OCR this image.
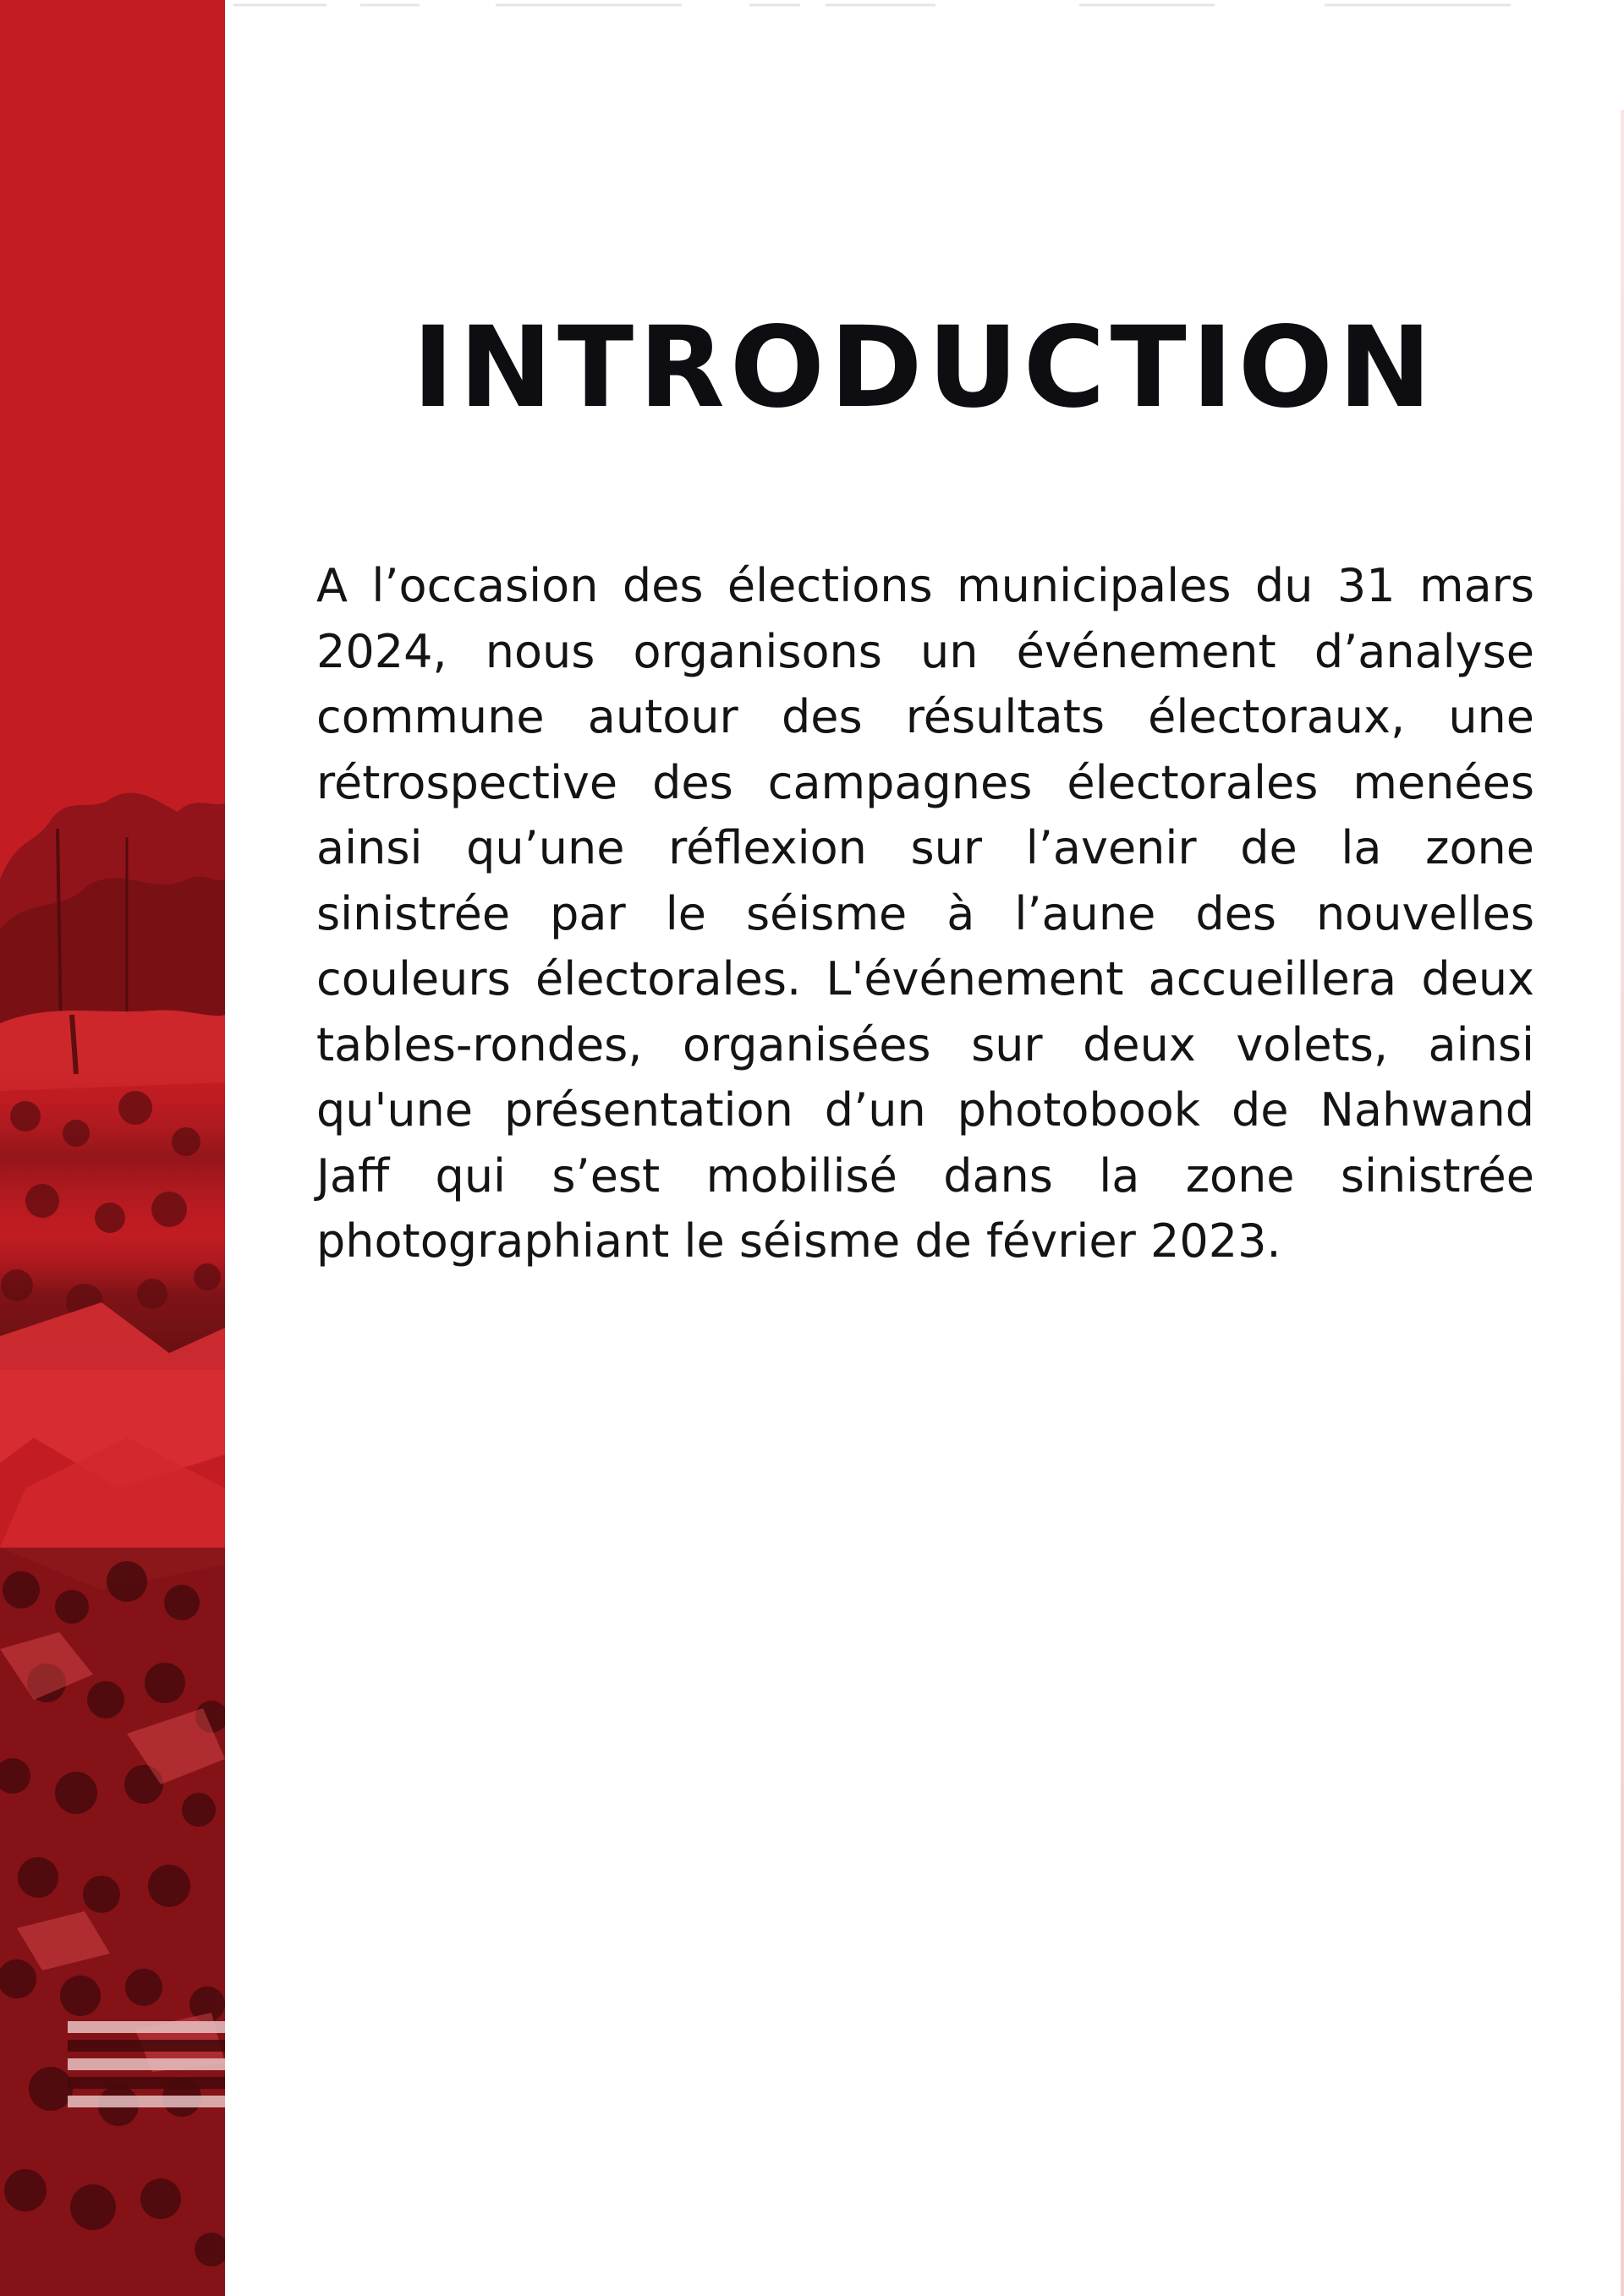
INTRODUCTION

A l’occasion des élections municipales du 31 mars 2024, nous organisons un événement d’analyse commune autour des résultats électoraux, une rétrospective des campagnes électorales menées ainsi qu’une réflexion sur l’avenir de la zone sinistrée par le séisme à l’aune des nouvelles couleurs électorales. L'événement accueillera deux tables-rondes, organisées sur deux volets, ainsi qu'une présentation d’un photobook de Nahwand Jaff qui s’est mobilisé dans la zone sinistrée photographiant le séisme de février 2023.
